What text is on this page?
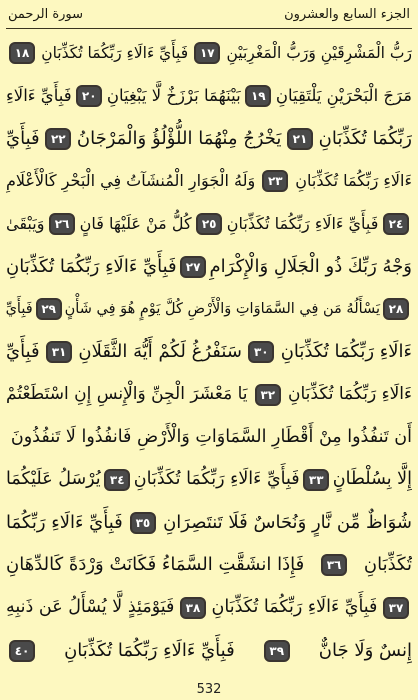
سورة الرحمن	الجزء السابع والعشرون
رَبُّ الْمَشْرِقَيْنِ وَرَبُّ الْمَغْرِبَيْنِ
١٧
فَبِأَيِّ ءَالَاءِ رَبِّكُمَا تُكَذِّبَانِ
١٨
مَرَجَ الْبَحْرَيْنِ يَلْتَقِيَانِ
١٩
بَيْنَهُمَا بَرْزَخٌ لَّا يَبْغِيَانِ
٢٠
فَبِأَيِّ ءَالَاءِ
رَبِّكُمَا تُكَذِّبَانِ
٢١
يَخْرُجُ مِنْهُمَا اللُّؤْلُؤُ وَالْمَرْجَانُ
٢٢
فَبِأَيِّ
ءَالَاءِ رَبِّكُمَا تُكَذِّبَانِ
٢٣
وَلَهُ الْجَوَارِ الْمُنشَآتُ فِي الْبَحْرِ كَالْأَعْلَامِ
٢٤
فَبِأَيِّ ءَالَاءِ رَبِّكُمَا تُكَذِّبَانِ
٢٥
كُلُّ مَنْ عَلَيْهَا فَانٍ
٢٦
وَيَبْقَىٰ
وَجْهُ رَبِّكَ ذُو الْجَلَالِ وَالْإِكْرَامِ
٢٧
فَبِأَيِّ ءَالَاءِ رَبِّكُمَا تُكَذِّبَانِ
٢٨
يَسْأَلُهُ مَن فِي السَّمَاوَاتِ وَالْأَرْضِ كُلَّ يَوْمٍ هُوَ فِي شَأْنٍ
٢٩
فَبِأَيِّ
ءَالَاءِ رَبِّكُمَا تُكَذِّبَانِ
٣٠
سَنَفْرُغُ لَكُمْ أَيُّهَ الثَّقَلَانِ
٣١
فَبِأَيِّ
ءَالَاءِ رَبِّكُمَا تُكَذِّبَانِ
٣٢
يَا مَعْشَرَ الْجِنِّ وَالْإِنسِ إِنِ اسْتَطَعْتُمْ
أَن تَنفُذُوا مِنْ أَقْطَارِ السَّمَاوَاتِ وَالْأَرْضِ فَانفُذُوا لَا تَنفُذُونَ
إِلَّا بِسُلْطَانٍ
٣٣
فَبِأَيِّ ءَالَاءِ رَبِّكُمَا تُكَذِّبَانِ
٣٤
يُرْسَلُ عَلَيْكُمَا
شُوَاظٌ مِّن نَّارٍ وَنُحَاسٌ فَلَا تَنتَصِرَانِ
٣٥
فَبِأَيِّ ءَالَاءِ رَبِّكُمَا
تُكَذِّبَانِ
٣٦
فَإِذَا انشَقَّتِ السَّمَاءُ فَكَانَتْ وَرْدَةً كَالدِّهَانِ
٣٧
فَبِأَيِّ ءَالَاءِ رَبِّكُمَا تُكَذِّبَانِ
٣٨
فَيَوْمَئِذٍ لَّا يُسْأَلُ عَن ذَنبِهِ
إِنسٌ وَلَا جَانٌّ
٣٩
فَبِأَيِّ ءَالَاءِ رَبِّكُمَا تُكَذِّبَانِ
٤٠
532
